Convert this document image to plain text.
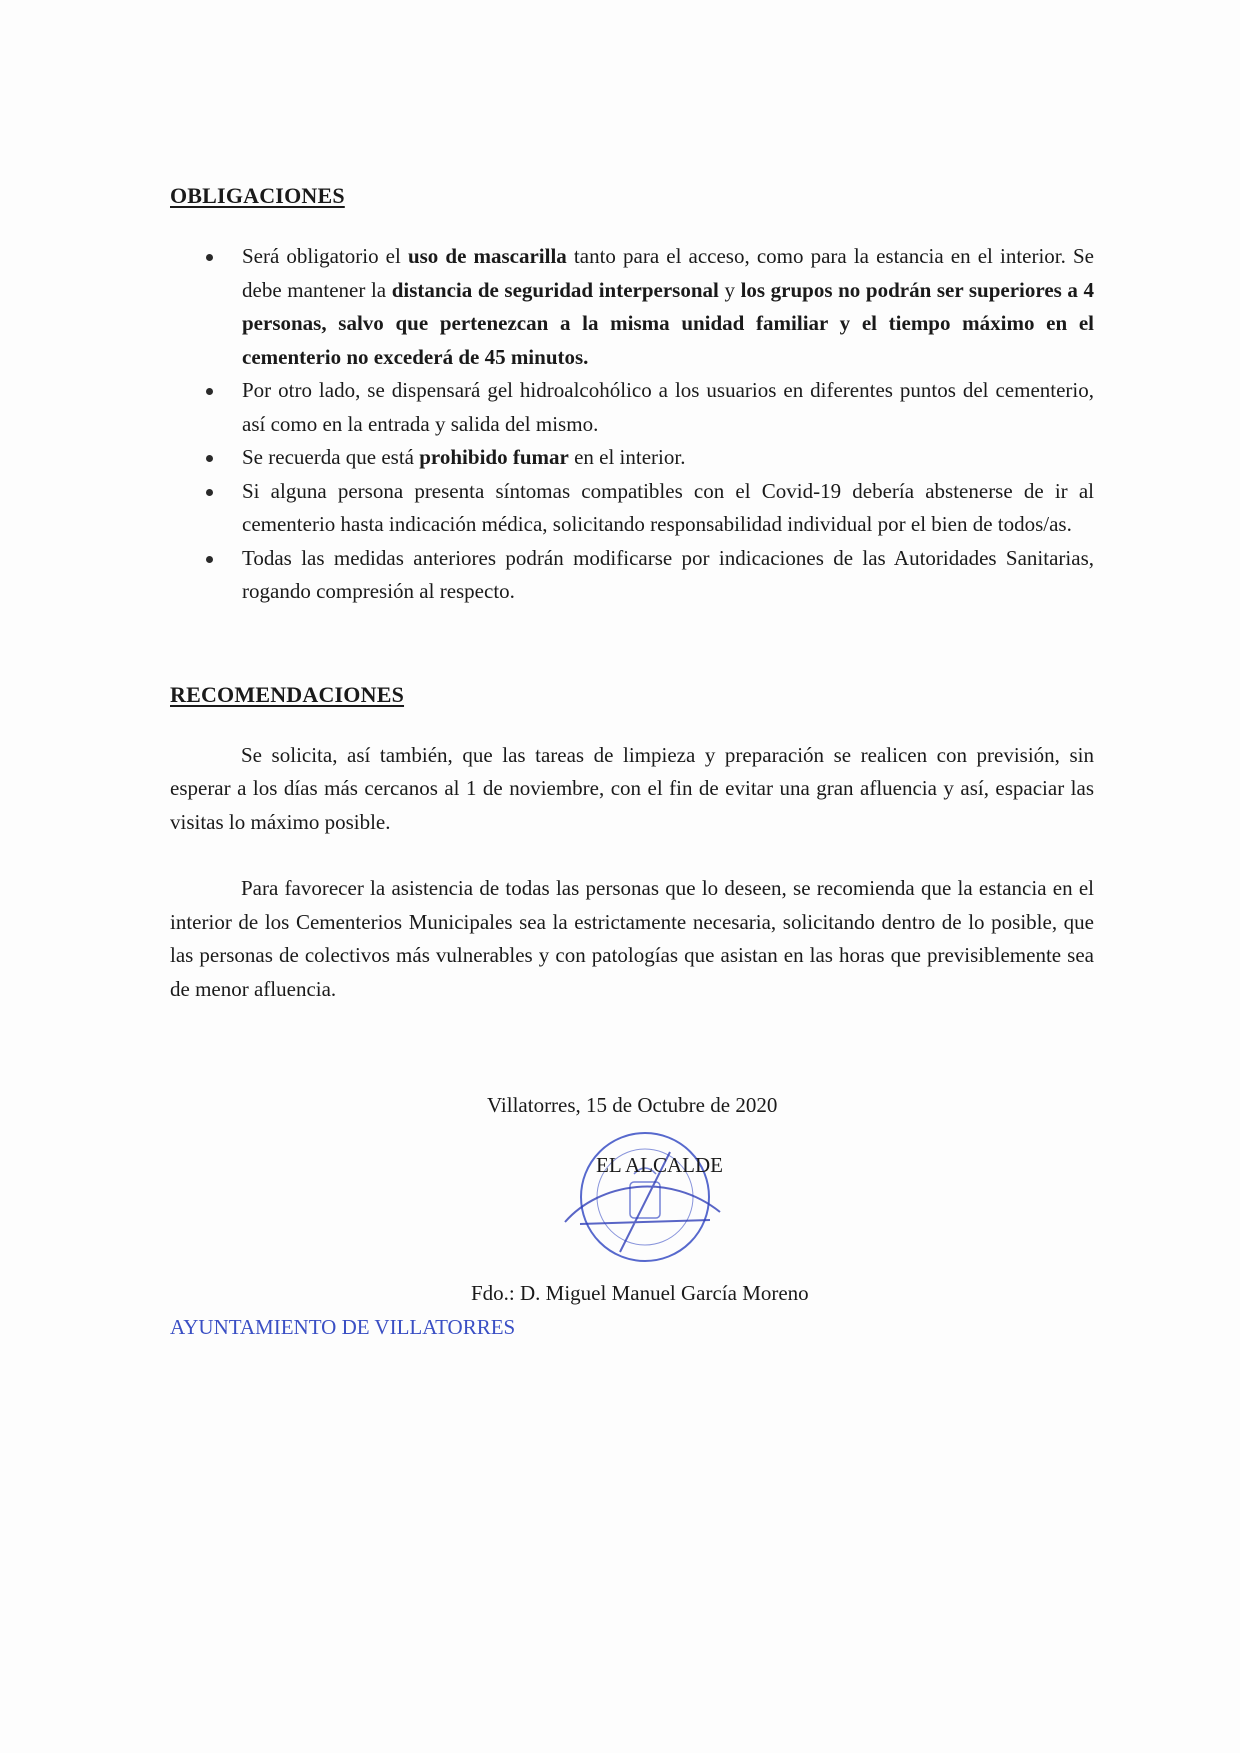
OBLIGACIONES
Será obligatorio el uso de mascarilla tanto para el acceso, como para la estancia en el interior. Se debe mantener la distancia de seguridad interpersonal y los grupos no podrán ser superiores a 4 personas, salvo que pertenezcan a la misma unidad familiar y el tiempo máximo en el cementerio no excederá de 45 minutos.
Por otro lado, se dispensará gel hidroalcohólico a los usuarios en diferentes puntos del cementerio, así como en la entrada y salida del mismo.
Se recuerda que está prohibido fumar en el interior.
Si alguna persona presenta síntomas compatibles con el Covid-19 debería abstenerse de ir al cementerio hasta indicación médica, solicitando responsabilidad individual por el bien de todos/as.
Todas las medidas anteriores podrán modificarse por indicaciones de las Autoridades Sanitarias, rogando compresión al respecto.
RECOMENDACIONES

Se solicita, así también, que las tareas de limpieza y preparación se realicen con previsión, sin esperar a los días más cercanos al 1 de noviembre, con el fin de evitar una gran afluencia y así, espaciar las visitas lo máximo posible.

Para favorecer la asistencia de todas las personas que lo deseen, se recomienda que la estancia en el interior de los Cementerios Municipales sea la estrictamente necesaria, solicitando dentro de lo posible, que las personas de colectivos más vulnerables y con patologías que asistan en las horas que previsiblemente sea de menor afluencia.

Villatorres, 15 de Octubre de 2020
EL ALCALDE
Fdo.: D. Miguel Manuel García Moreno
AYUNTAMIENTO DE VILLATORRES
